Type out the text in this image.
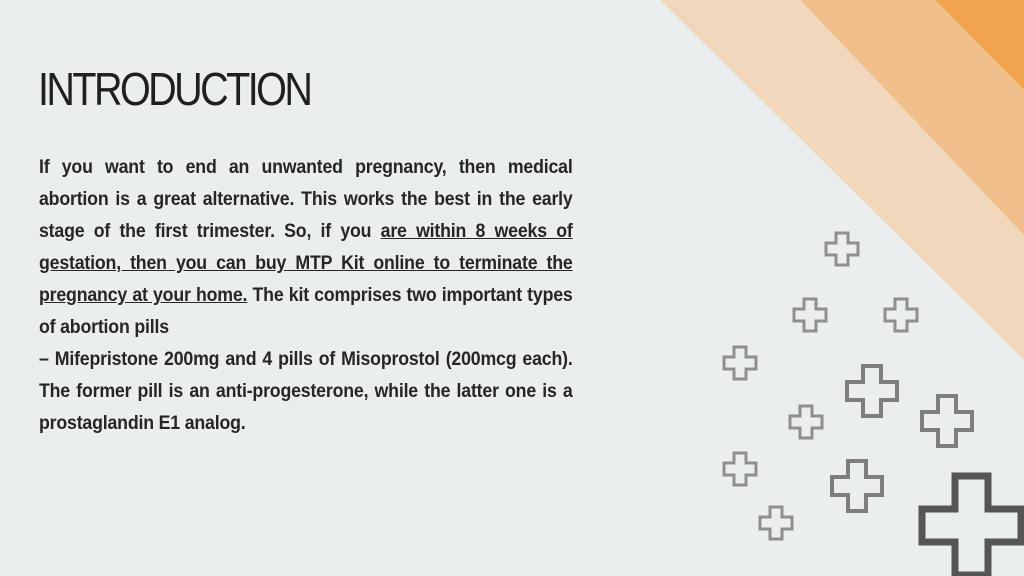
INTRODUCTION

If you want to end an unwanted pregnancy, then medical abortion is a great alternative. This works the best in the early stage of the first trimester. So, if you are within 8 weeks of gestation, then you can buy MTP Kit online to terminate the pregnancy at your home. The kit comprises two important types of abortion pills

– Mifepristone 200mg and 4 pills of Misoprostol (200mcg each). The former pill is an anti-progesterone, while the latter one is a prostaglandin E1 analog.
